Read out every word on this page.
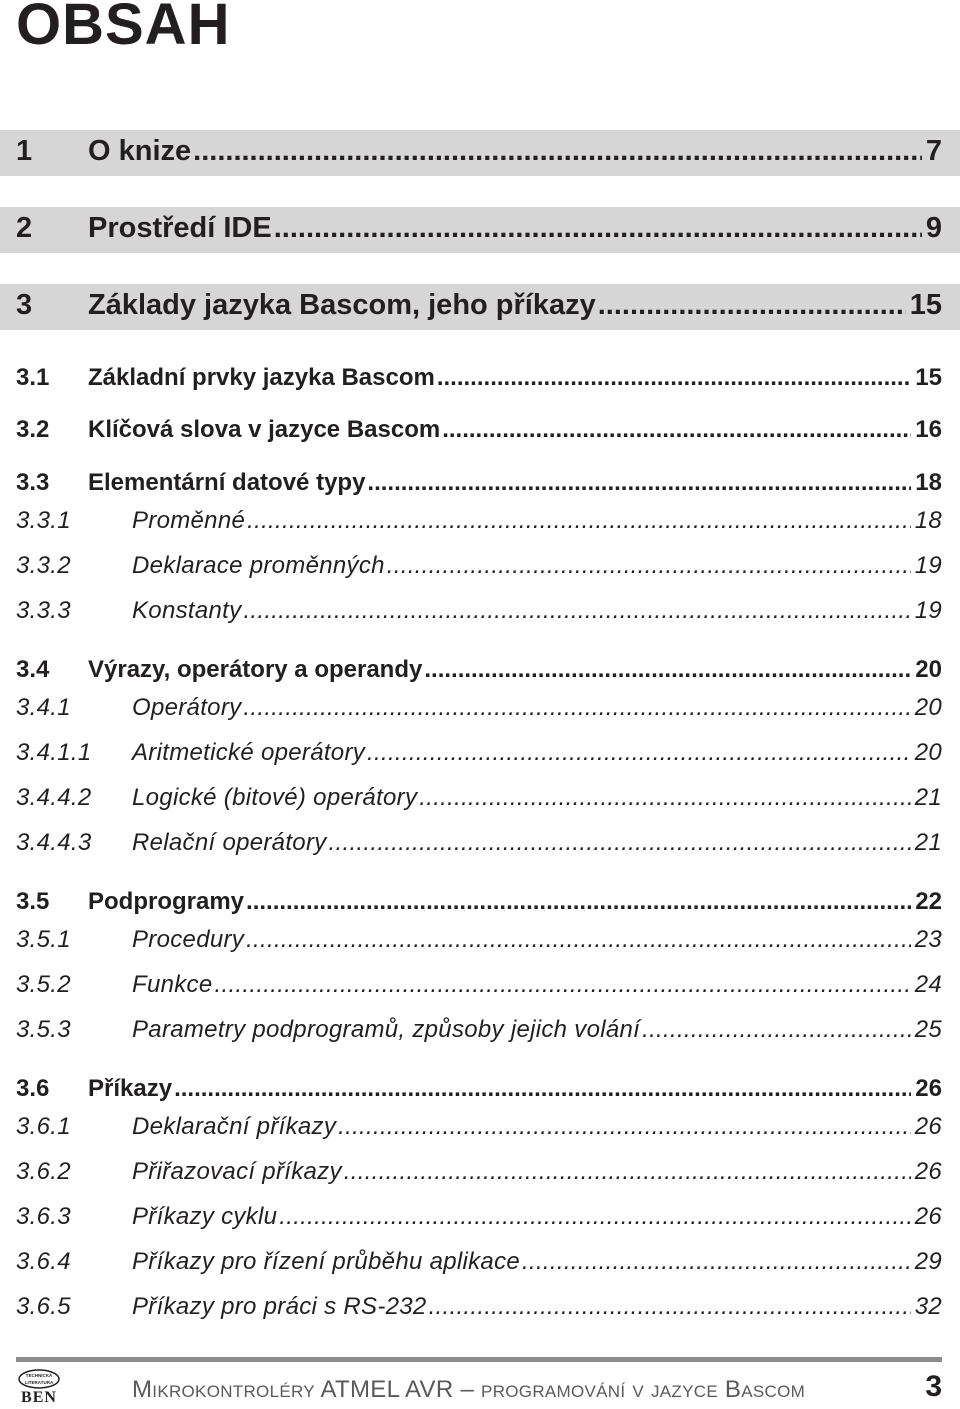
OBSAH
1	O knize .....	7
2	Prostředí IDE .....	9
3	Základy jazyka Bascom, jeho příkazy .....	15
3.1	Základní prvky jazyka Bascom .....	15
3.2	Klíčová slova v jazyce Bascom .....	16
3.3	Elementární datové typy .....	18
3.3.1	Proměnné .....	18
3.3.2	Deklarace proměnných .....	19
3.3.3	Konstanty .....	19
3.4	Výrazy, operátory a operandy .....	20
3.4.1	Operátory .....	20
3.4.1.1	Aritmetické operátory .....	20
3.4.4.2	Logické (bitové) operátory .....	21
3.4.4.3	Relační operátory .....	21
3.5	Podprogramy .....	22
3.5.1	Procedury .....	23
3.5.2	Funkce .....	24
3.5.3	Parametry podprogramů, způsoby jejich volání .....	25
3.6	Příkazy .....	26
3.6.1	Deklarační příkazy .....	26
3.6.2	Přiřazovací příkazy .....	26
3.6.3	Příkazy cyklu .....	26
3.6.4	Příkazy pro řízení průběhu aplikace .....	29
3.6.5	Příkazy pro práci s RS-232 .....	32
TECHNICKÁ
LITERATURA
BEN	Mikrokontroléry ATMEL AVR – programování v jazyce Bascom	3
